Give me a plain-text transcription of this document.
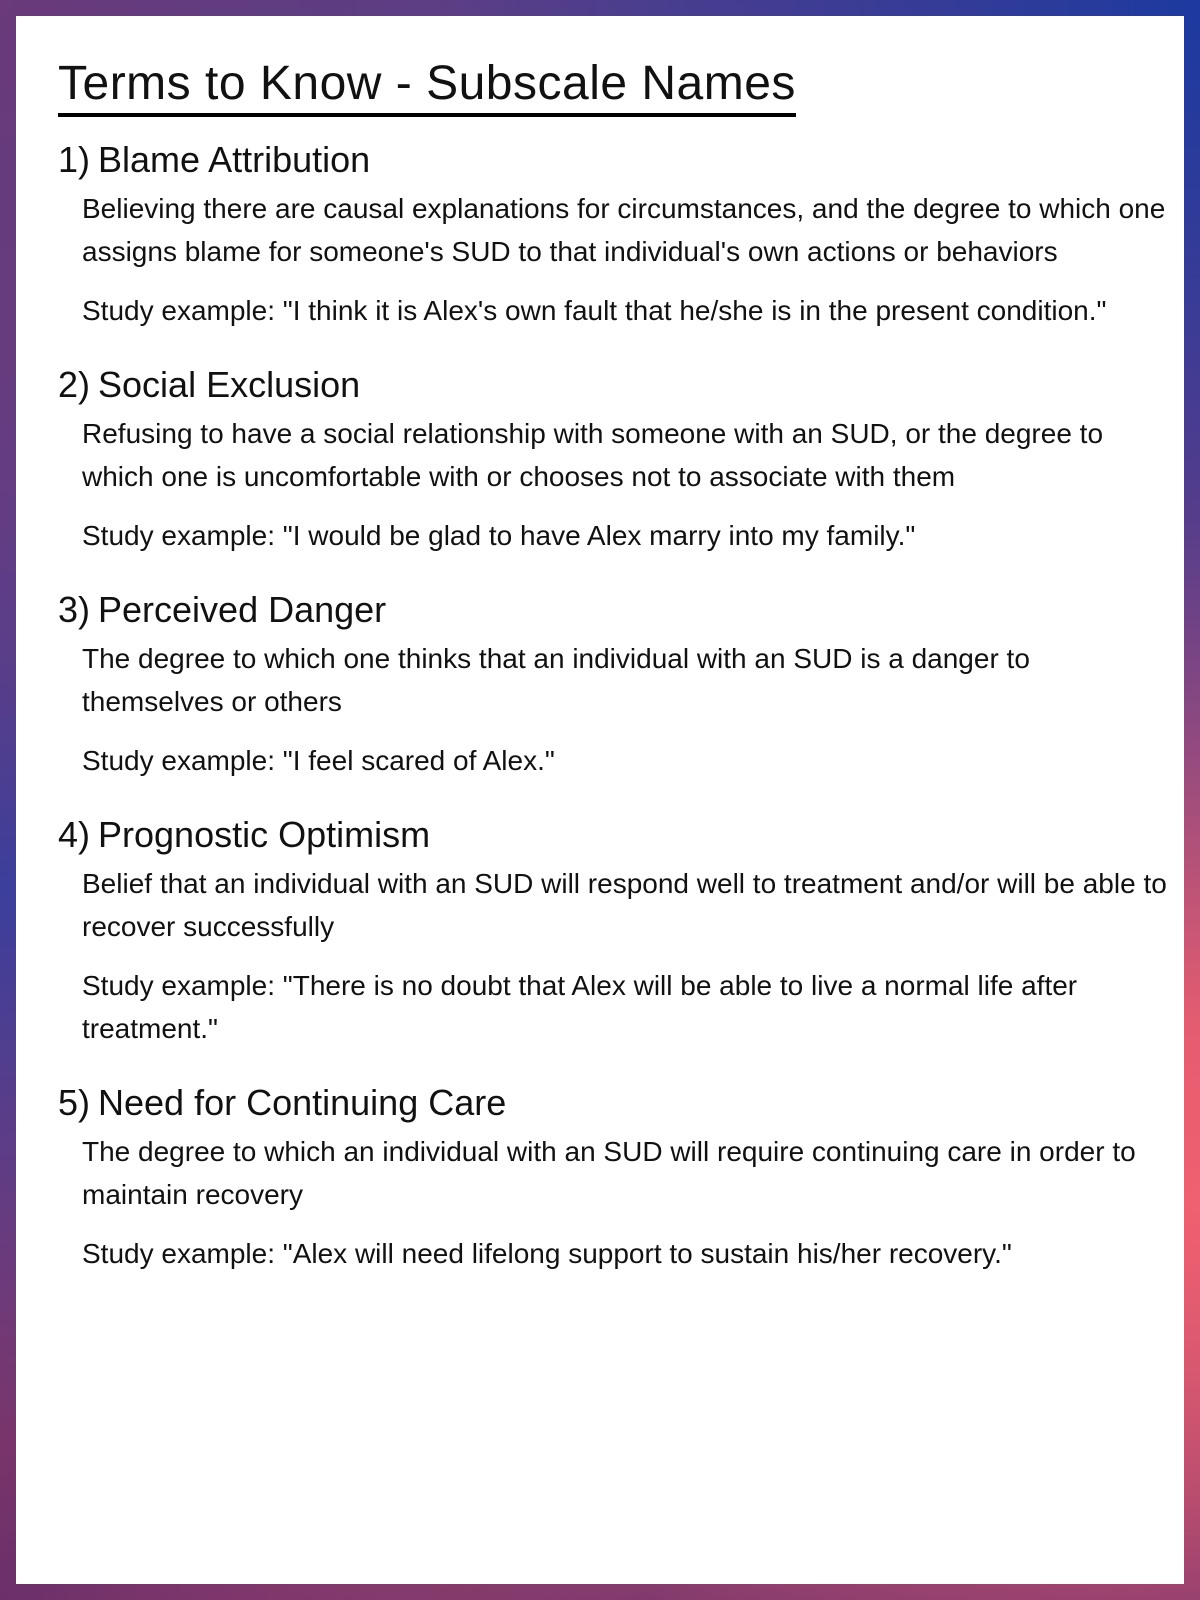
Terms to Know - Subscale Names
1) Blame Attribution
Believing there are causal explanations for circumstances, and the degree to which one assigns blame for someone's SUD to that individual's own actions or behaviors
Study example: "I think it is Alex's own fault that he/she is in the present condition."
2) Social Exclusion
Refusing to have a social relationship with someone with an SUD, or the degree to which one is uncomfortable with or chooses not to associate with them
Study example: "I would be glad to have Alex marry into my family."
3) Perceived Danger
The degree to which one thinks that an individual with an SUD is a danger to themselves or others
Study example: "I feel scared of Alex."
4) Prognostic Optimism
Belief that an individual with an SUD will respond well to treatment and/or will be able to recover successfully
Study example: "There is no doubt that Alex will be able to live a normal life after treatment."
5) Need for Continuing Care
The degree to which an individual with an SUD will require continuing care in order to maintain recovery
Study example: "Alex will need lifelong support to sustain his/her recovery."
